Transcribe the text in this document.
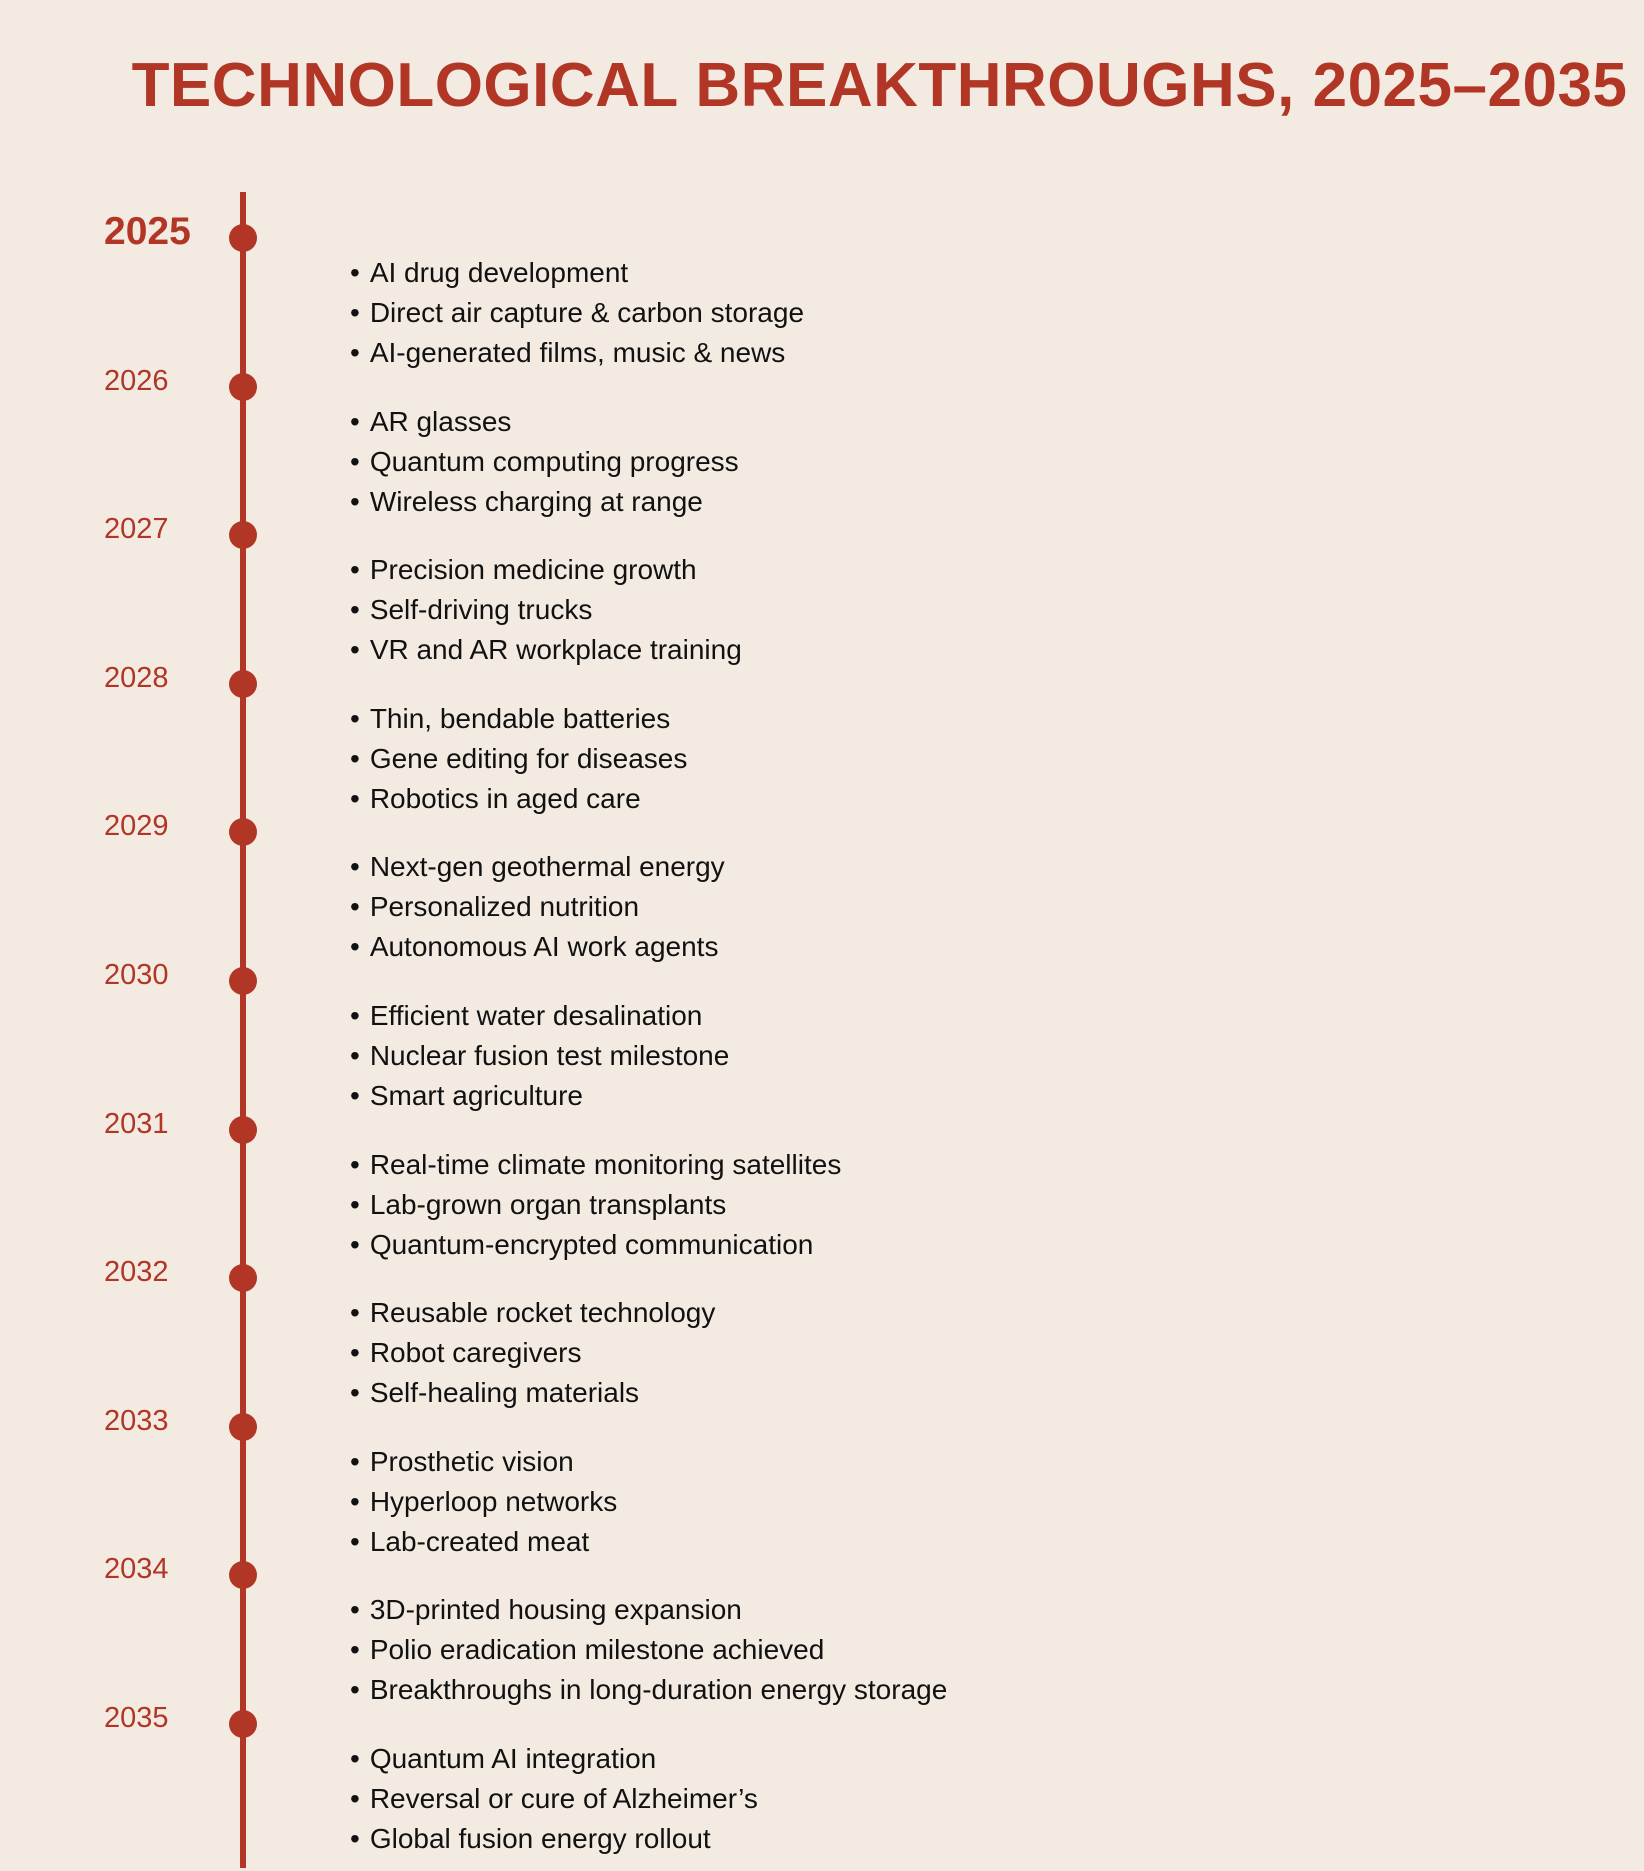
TECHNOLOGICAL BREAKTHROUGHS, 2025–2035
2025
• AI drug development
• Direct air capture & carbon storage
• AI-generated films, music & news
2026
• AR glasses
• Quantum computing progress
• Wireless charging at range
2027
• Precision medicine growth
• Self-driving trucks
• VR and AR workplace training
2028
• Thin, bendable batteries
• Gene editing for diseases
• Robotics in aged care
2029
• Next-gen geothermal energy
• Personalized nutrition
• Autonomous AI work agents
2030
• Efficient water desalination
• Nuclear fusion test milestone
• Smart agriculture
2031
• Real-time climate monitoring satellites
• Lab-grown organ transplants
• Quantum-encrypted communication
2032
• Reusable rocket technology
• Robot caregivers
• Self-healing materials
2033
• Prosthetic vision
• Hyperloop networks
• Lab-created meat
2034
• 3D-printed housing expansion
• Polio eradication milestone achieved
• Breakthroughs in long-duration energy storage
2035
• Quantum AI integration
• Reversal or cure of Alzheimer’s
• Global fusion energy rollout
